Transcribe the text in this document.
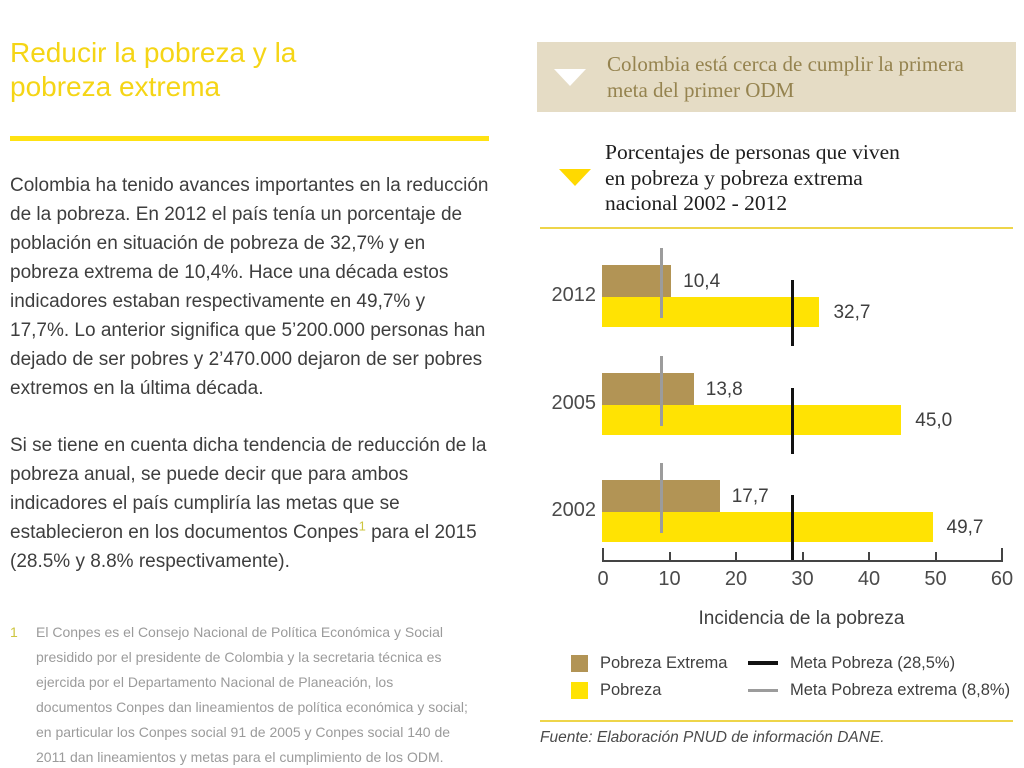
Reducir la pobreza y la
pobreza extrema

Colombia ha tenido avances importantes en la reducción de la pobreza. En 2012 el país tenía un porcentaje de población en situación de pobreza de 32,7% y en pobreza extrema de 10,4%. Hace una década estos indicadores estaban respectivamente en 49,7% y 17,7%. Lo anterior significa que 5’200.000 personas han dejado de ser pobres y 2’470.000 dejaron de ser pobres extremos en la última década.

Si se tiene en cuenta dicha tendencia de reducción de la pobreza anual, se puede decir que para ambos indicadores el país cumpliría las metas que se establecieron en los documentos Conpes$^1$ para el 2015 (28.5% y 8.8% respectivamente).

1	El Conpes es el Consejo Nacional de Política Económica y Social presidido por el presidente de Colombia y la secretaria técnica es ejercida por el Departamento Nacional de Planeación, los documentos Conpes dan lineamientos de política económica y social; en particular los Conpes social 91 de 2005 y Conpes social 140 de 2011 dan lineamientos y metas para el cumplimiento de los ODM.
Colombia está cerca de cumplir la primera meta del primer ODM
Porcentajes de personas que viven
en pobreza y pobreza extrema
nacional 2002 - 2012
2012
10,4
32,7
2005
13,8
45,0
2002
17,7
49,7
0	10	20	30	40	50	60
Incidencia de la pobreza
Pobreza Extrema	Meta Pobreza (28,5%)
Pobreza	Meta Pobreza extrema (8,8%)
Fuente: Elaboración PNUD de información DANE.
